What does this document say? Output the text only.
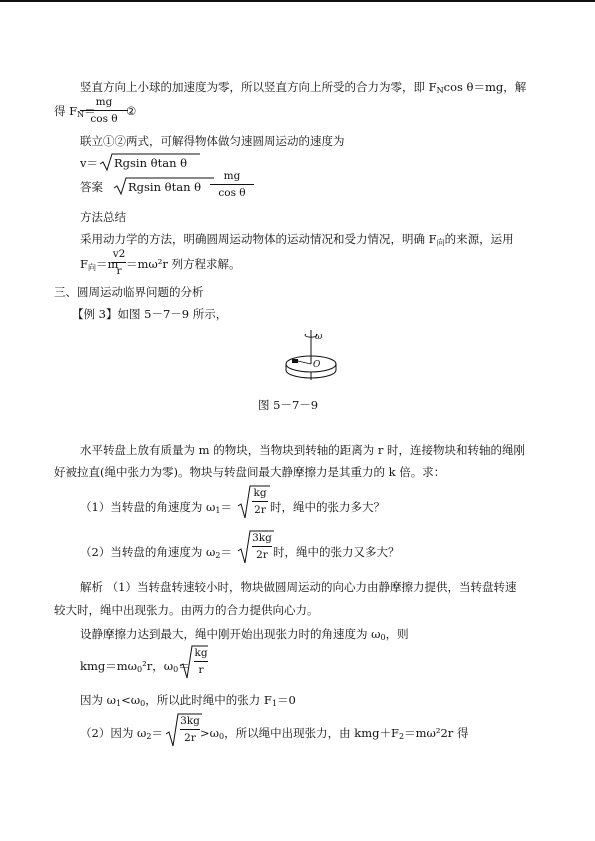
竖直方向上小球的加速度为零，所以竖直方向上所受的合力为零，即 $F_N\cos$ θ＝mg，解
得 $F_N=$
mg
cos θ
②
联立①②两式，可解得物体做匀速圆周运动的速度为
v＝ Rgsin θtan θ
答案 Rgsin θtan θ
mg
cos θ
方法总结
采用动力学的方法，明确圆周运动物体的运动情况和受力情况，明确 $F_向$的来源，运用
$F_向=m$
v2
r ＝mω²r 列方程求解。
三、圆周运动临界问题的分析
【例 3】如图 5－7－9 所示，
ω
O
图 5－7－9
水平转盘上放有质量为 m 的物块，当物块到转轴的距离为 r 时，连接物块和转轴的绳刚
好被拉直(绳中张力为零)。物块与转盘间最大静摩擦力是其重力的 k 倍。求：
（1）当转盘的角速度为 $\omega_1=$
kg
2r 时，绳中的张力多大？
（2）当转盘的角速度为 $\omega_2=$
3kg
2r 时，绳中的张力又多大？
解析 （1）当转盘转速较小时，物块做圆周运动的向心力由静摩擦力提供，当转盘转速
较大时，绳中出现张力。由两力的合力提供向心力。
设静摩擦力达到最大，绳中刚开始出现张力时的角速度为 $\omega_0$，则
$kmg=m\omega_0^2r$，$\omega_0=$
kg
r
因为 $\omega_1<\omega_0$，所以此时绳中的张力 $F_1=0$
（2）因为 $\omega_2=$
3kg
$2r >\omega_0$，所以绳中出现张力，由 $kmg+F_2=m\omega^22r$ 得
